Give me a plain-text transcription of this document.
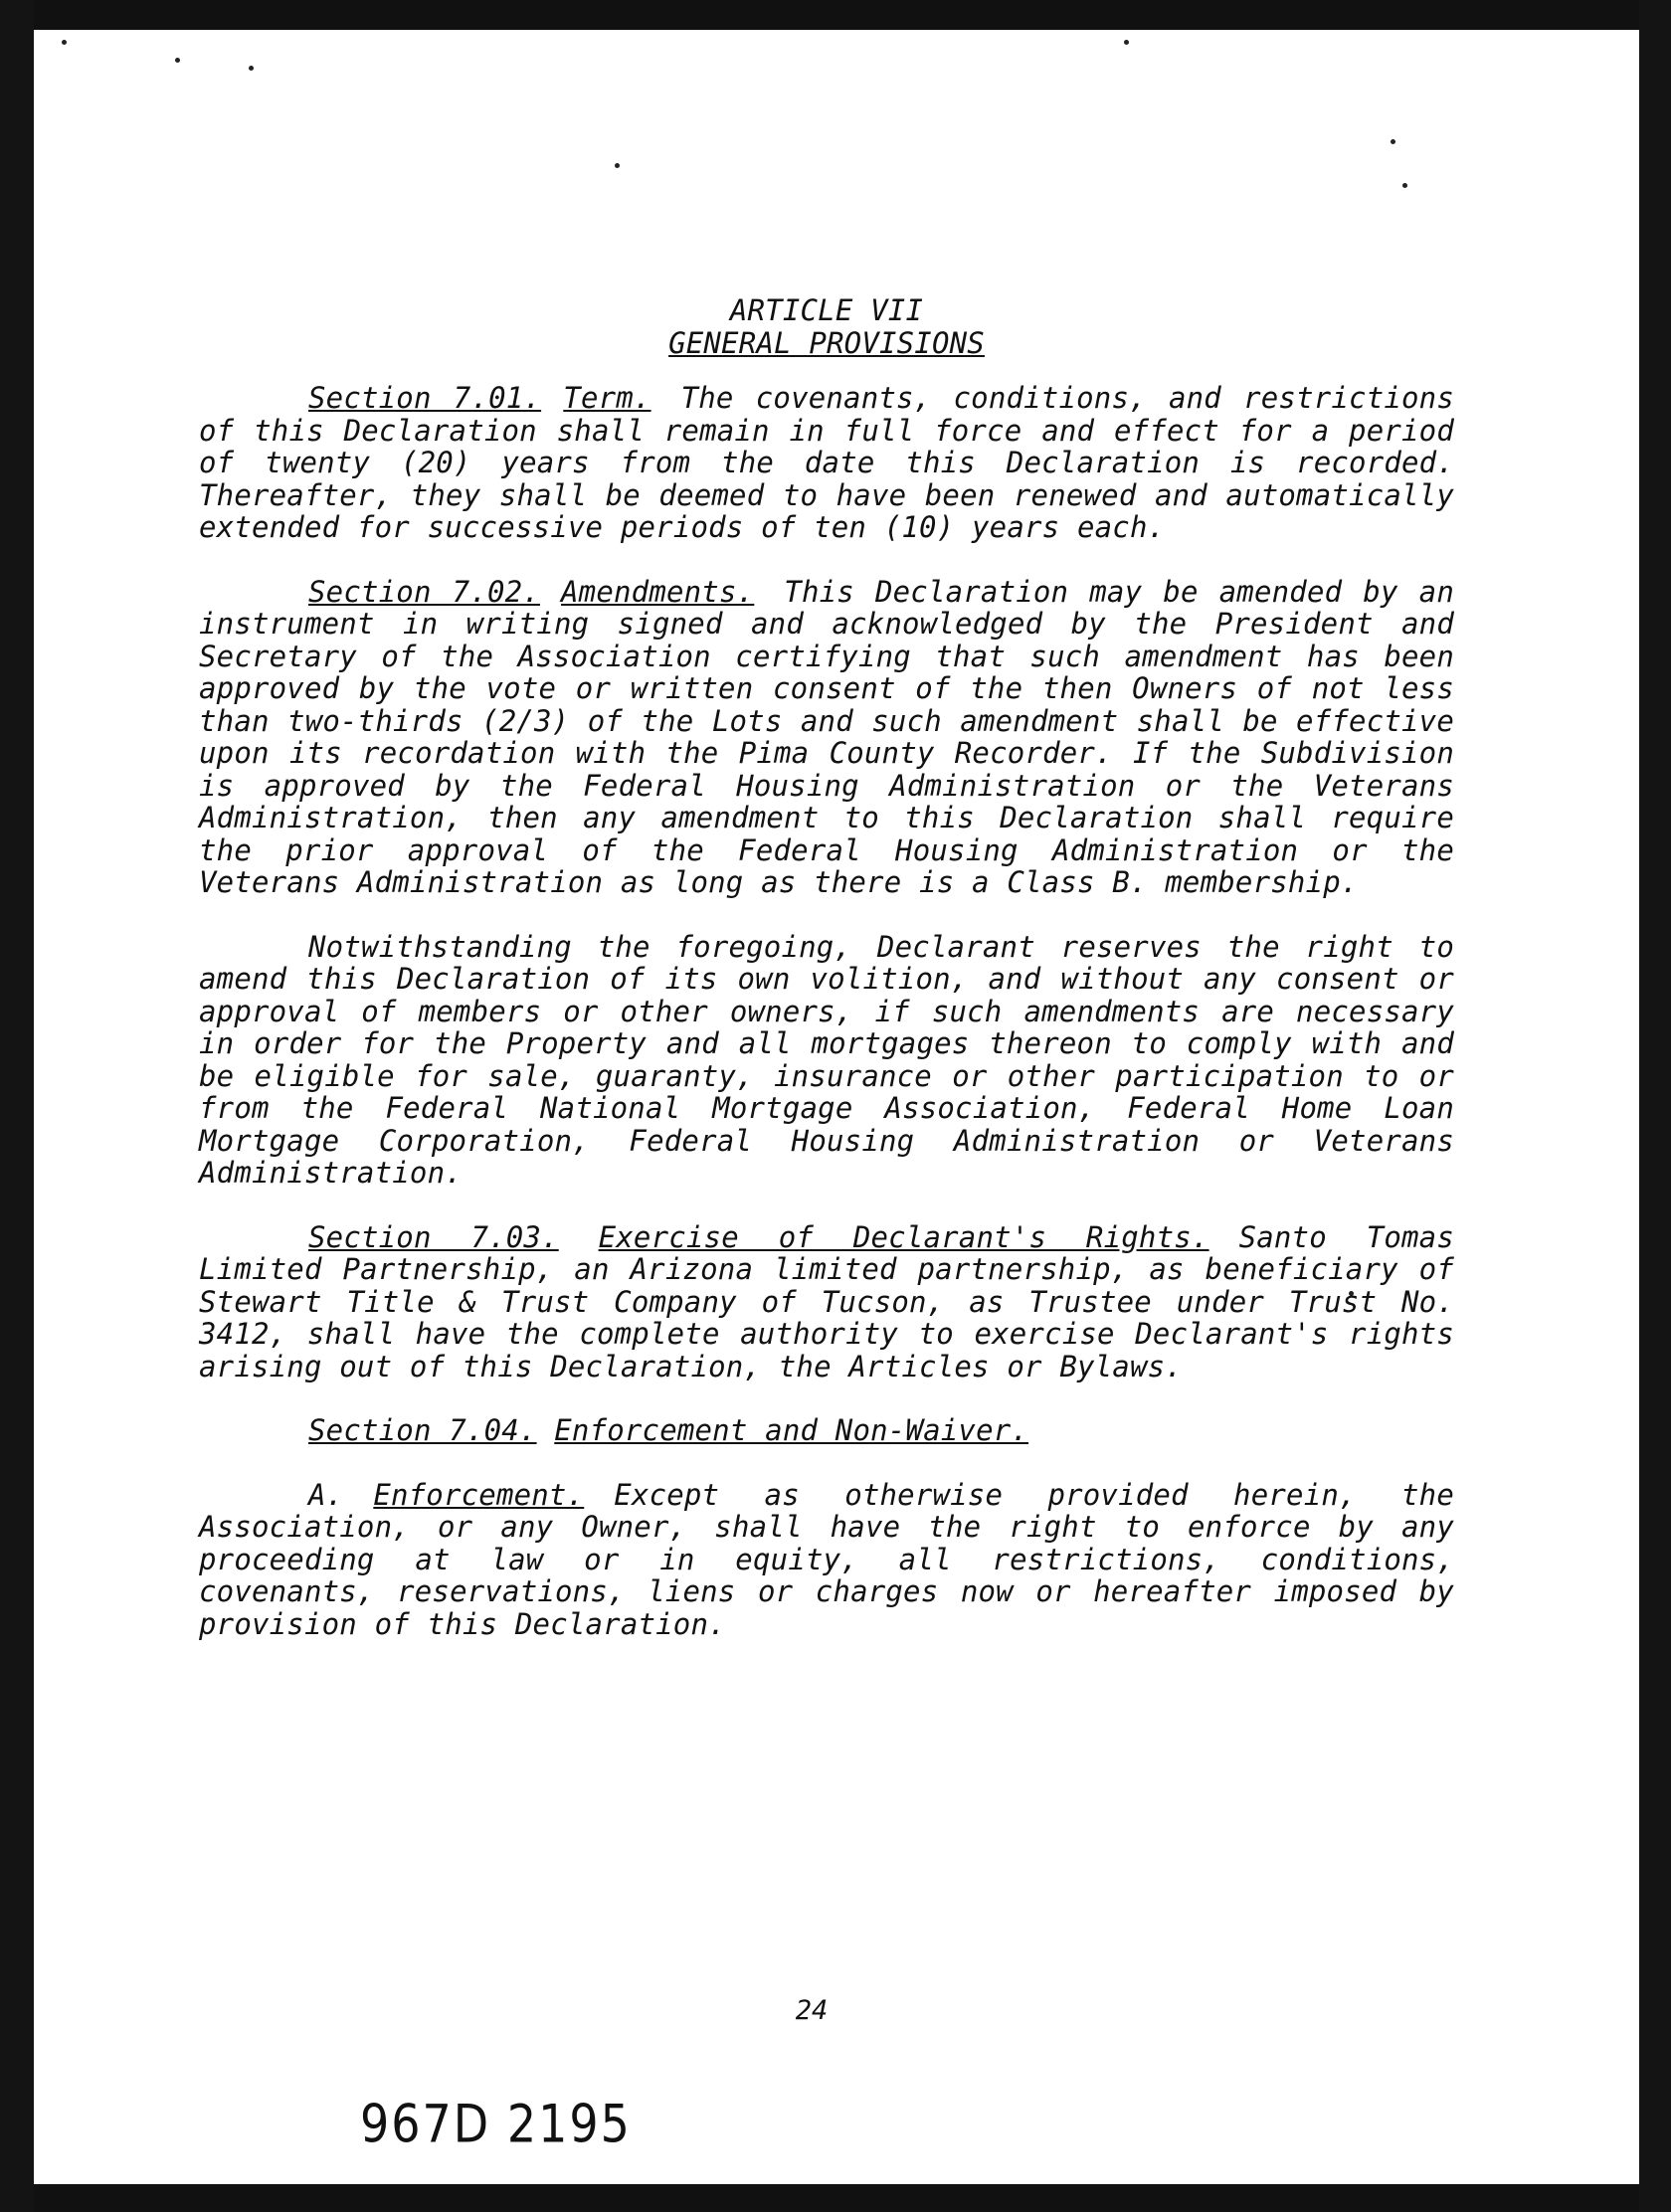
ARTICLE VII
GENERAL PROVISIONS

Section 7.01. Term. The covenants, conditions, and restrictions of this Declaration shall remain in full force and effect for a period of twenty (20) years from the date this Declaration is recorded. Thereafter, they shall be deemed to have been renewed and automatically extended for successive periods of ten (10) years each.

Section 7.02. Amendments. This Declaration may be amended by an instrument in writing signed and acknowledged by the President and Secretary of the Association certifying that such amendment has been approved by the vote or written consent of the then Owners of not less than two-thirds (2/3) of the Lots and such amendment shall be effective upon its recordation with the Pima County Recorder. If the Subdivision is approved by the Federal Housing Administration or the Veterans Administration, then any amendment to this Declaration shall require the prior approval of the Federal Housing Administration or the Veterans Administration as long as there is a Class B. membership.

Notwithstanding the foregoing, Declarant reserves the right to amend this Declaration of its own volition, and without any consent or approval of members or other owners, if such amendments are necessary in order for the Property and all mortgages thereon to comply with and be eligible for sale, guaranty, insurance or other participation to or from the Federal National Mortgage Association, Federal Home Loan Mortgage Corporation, Federal Housing Administration or Veterans Administration.

Section 7.03. Exercise of Declarant's Rights. Santo Tomas Limited Partnership, an Arizona limited partnership, as beneficiary of Stewart Title & Trust Company of Tucson, as Trustee under Trust No. 3412, shall have the complete authority to exercise Declarant's rights arising out of this Declaration, the Articles or Bylaws.

Section 7.04. Enforcement and Non-Waiver.

A. Enforcement. Except as otherwise provided herein, the Association, or any Owner, shall have the right to enforce by any proceeding at law or in equity, all restrictions, conditions, covenants, reservations, liens or charges now or hereafter imposed by provision of this Declaration.

24
967D 2195
